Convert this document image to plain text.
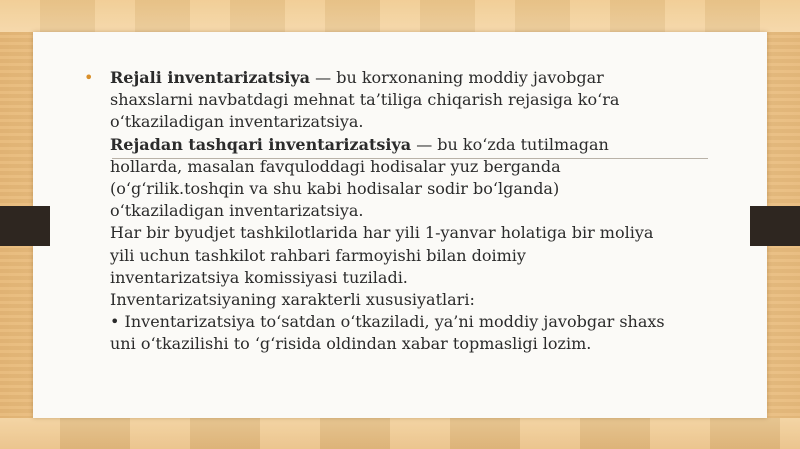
• Rejali inventarizatsiya — bu korxonaning moddiy javobgar
shaxslarni navbatdagi mehnat ta’tiliga chiqarish rejasiga ko‘ra
o‘tkaziladigan inventarizatsiya.
Rejadan tashqari inventarizatsiya — bu ko‘zda tutilmagan
hollarda, masalan favquloddagi hodisalar yuz berganda
(o‘g‘rilik.toshqin va shu kabi hodisalar sodir bo‘lganda)
o‘tkaziladigan inventarizatsiya.
Har bir byudjet tashkilotlarida har yili 1-yanvar holatiga bir moliya
yili uchun tashkilot rahbari farmoyishi bilan doimiy
inventarizatsiya komissiyasi tuziladi.
Inventarizatsiyaning xarakterli xususiyatlari:
• Inventarizatsiya to‘satdan o‘tkaziladi, ya’ni moddiy javobgar shaxs
uni o‘tkazilishi to ‘g‘risida oldindan xabar topmasligi lozim.
